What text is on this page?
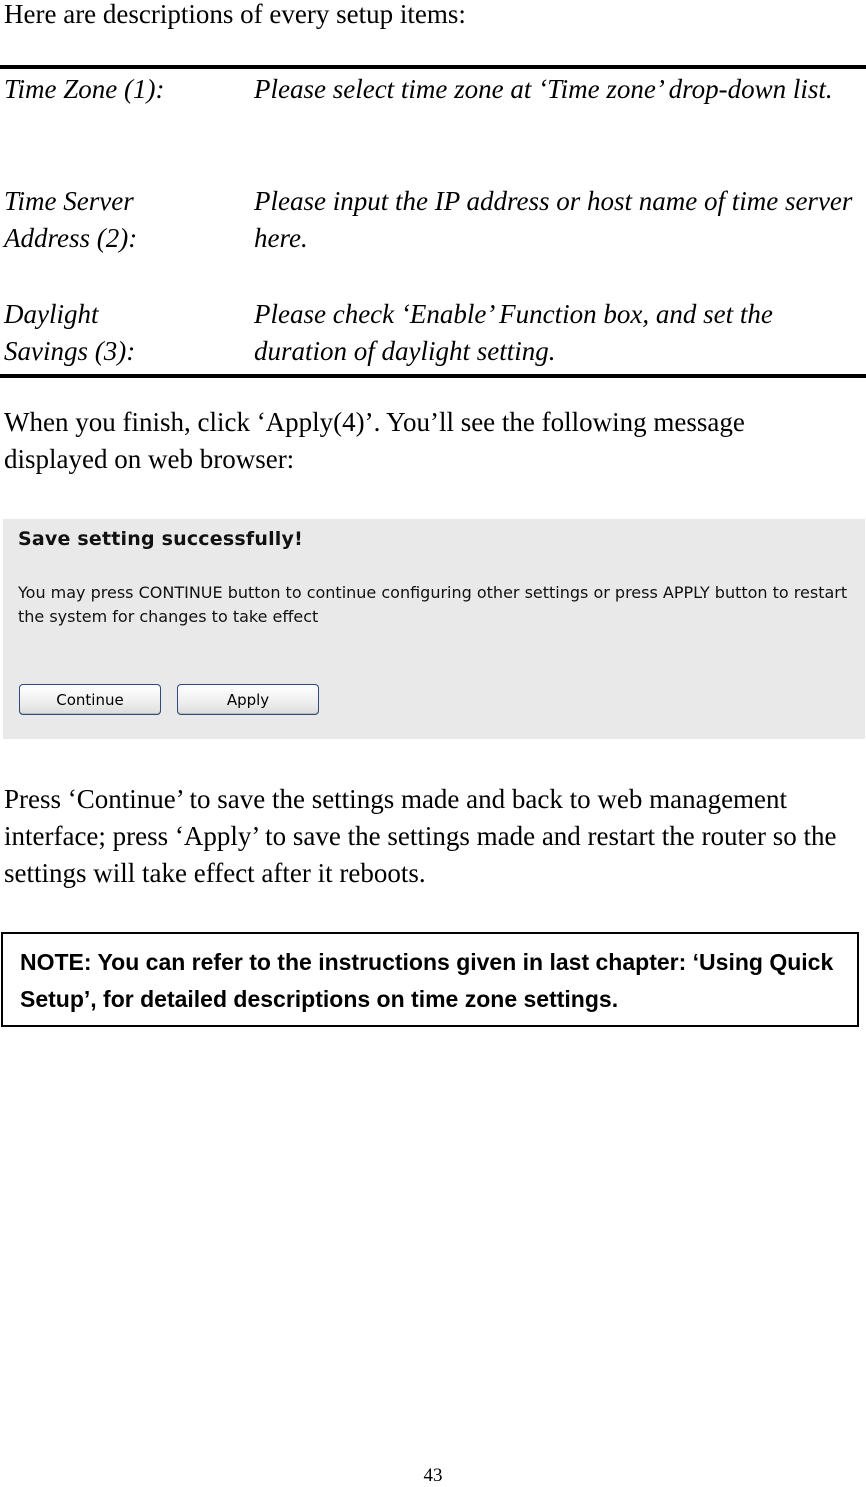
Here are descriptions of every setup items:

Time Zone (1):	Please select time zone at ‘Time zone’ drop-down list.
Time Server
Address (2):
Please input the IP address or host name of time server here.
Daylight
Savings (3):
Please check ‘Enable’ Function box, and set the duration of daylight setting.

When you finish, click ‘Apply(4)’. You’ll see the following message displayed on web browser:

Save setting successfully!
You may press CONTINUE button to continue configuring other settings or press APPLY button to restart the system for changes to take effect
Continue	Apply

Press ‘Continue’ to save the settings made and back to web management interface; press ‘Apply’ to save the settings made and restart the router so the settings will take effect after it reboots.

NOTE: You can refer to the instructions given in last chapter: ‘Using Quick Setup’, for detailed descriptions on time zone settings.
43
